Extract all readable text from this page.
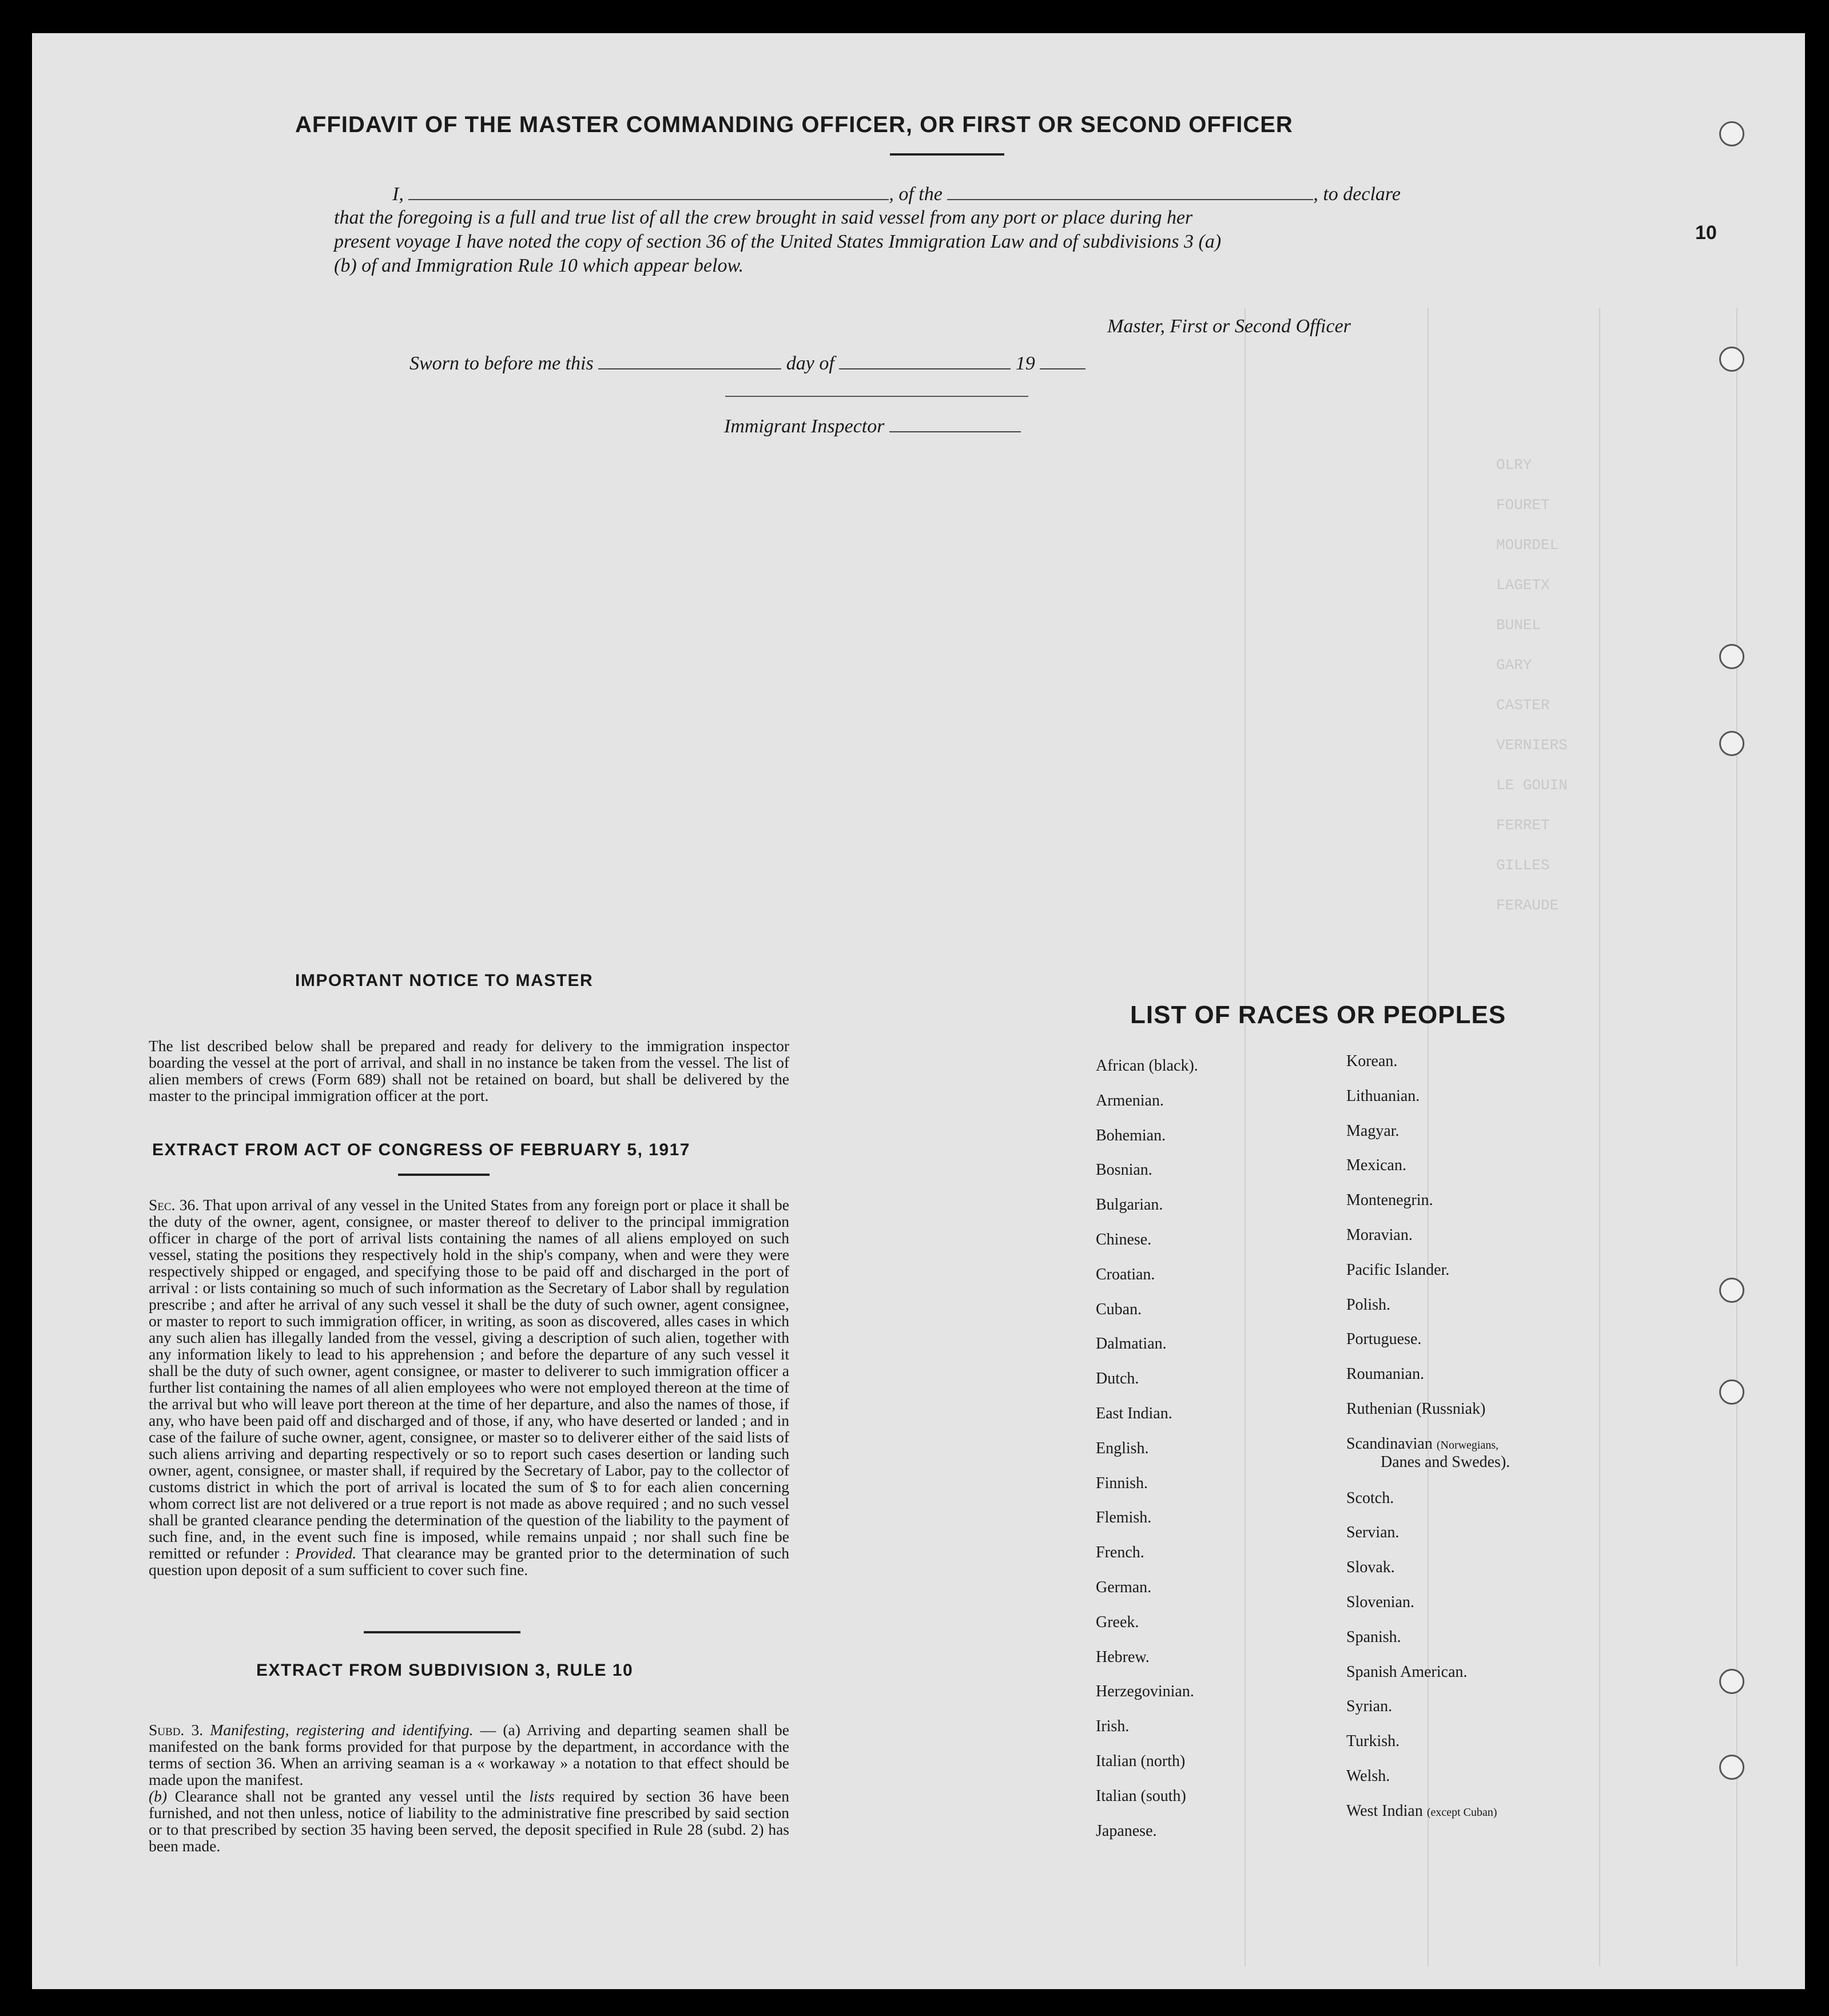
OLRY
FOURET
MOURDEL
LAGETX
BUNEL
GARY
CASTER
VERNIERS
LE GOUIN
FERRET
GILLES
FERAUDE
10
AFFIDAVIT OF THE MASTER COMMANDING OFFICER, OR FIRST OR SECOND OFFICER
I,	, of the	, to declare
that the foregoing is a full and true list of all the crew brought in said vessel from any port or place during her
present voyage I have noted the copy of section 36 of the United States Immigration Law and of subdivisions 3 (a)
(b) of and Immigration Rule 10 which appear below.
Master, First or Second Officer
Sworn to before me this	day of	19
Immigrant Inspector
IMPORTANT NOTICE TO MASTER
The list described below shall be prepared and ready for delivery to the immigration inspector boarding the vessel at the port of arrival, and shall in no instance be taken from the vessel. The list of alien members of crews (Form 689) shall not be retained on board, but shall be delivered by the master to the principal immigration officer at the port.
EXTRACT FROM ACT OF CONGRESS OF FEBRUARY 5, 1917

Sec. 36. That upon arrival of any vessel in the United States from any foreign port or place it shall be the duty of the owner, agent, consignee, or master thereof to deliver to the principal immigration officer in charge of the port of arrival lists containing the names of all aliens employed on such vessel, stating the positions they respectively hold in the ship's company, when and were they were respectively shipped or engaged, and specifying those to be paid off and discharged in the port of arrival : or lists containing so much of such information as the Secretary of Labor shall by regulation prescribe ; and after he arrival of any such vessel it shall be the duty of such owner, agent consignee, or master to report to such immigration officer, in writing, as soon as discovered, alles cases in which any such alien has illegally landed from the vessel, giving a description of such alien, together with any information likely to lead to his apprehension ; and before the departure of any such vessel it shall be the duty of such owner, agent consignee, or master to deliverer to such immigration officer a further list containing the names of all alien employees who were not employed thereon at the time of the arrival but who will leave port thereon at the time of her departure, and also the names of those, if any, who have been paid off and discharged and of those, if any, who have deserted or landed ; and in case of the failure of suche owner, agent, consignee, or master so to deliverer either of the said lists of such aliens arriving and departing respectively or so to report such cases desertion or landing such owner, agent, consignee, or master shall, if required by the Secretary of Labor, pay to the collector of customs district in which the port of arrival is located the sum of $ to for each alien concerning whom correct list are not delivered or a true report is not made as above required ; and no such vessel shall be granted clearance pending the determination of the question of the liability to the payment of such fine, and, in the event such fine is imposed, while remains unpaid ; nor shall such fine be remitted or refunder : Provided. That clearance may be granted prior to the determination of such question upon deposit of a sum sufficient to cover such fine.

EXTRACT FROM SUBDIVISION 3, RULE 10

Subd. 3. Manifesting, registering and identifying. — (a) Arriving and departing seamen shall be manifested on the bank forms provided for that purpose by the department, in accordance with the terms of section 36. When an arriving seaman is a « workaway » a notation to that effect should be made upon the manifest.

(b) Clearance shall not be granted any vessel until the lists required by section 36 have been furnished, and not then unless, notice of liability to the administrative fine prescribed by said section or to that prescribed by section 35 having been served, the deposit specified in Rule 28 (subd. 2) has been made.

LIST OF RACES OR PEOPLES
African (black).
Armenian.
Bohemian.
Bosnian.
Bulgarian.
Chinese.
Croatian.
Cuban.
Dalmatian.
Dutch.
East Indian.
English.
Finnish.
Flemish.
French.
German.
Greek.
Hebrew.
Herzegovinian.
Irish.
Italian (north)
Italian (south)
Japanese.
Korean.
Lithuanian.
Magyar.
Mexican.
Montenegrin.
Moravian.
Pacific Islander.
Polish.
Portuguese.
Roumanian.
Ruthenian (Russniak)
Scandinavian (Norwegians,
Danes and Swedes).
Scotch.
Servian.
Slovak.
Slovenian.
Spanish.
Spanish American.
Syrian.
Turkish.
Welsh.
West Indian (except Cuban)
